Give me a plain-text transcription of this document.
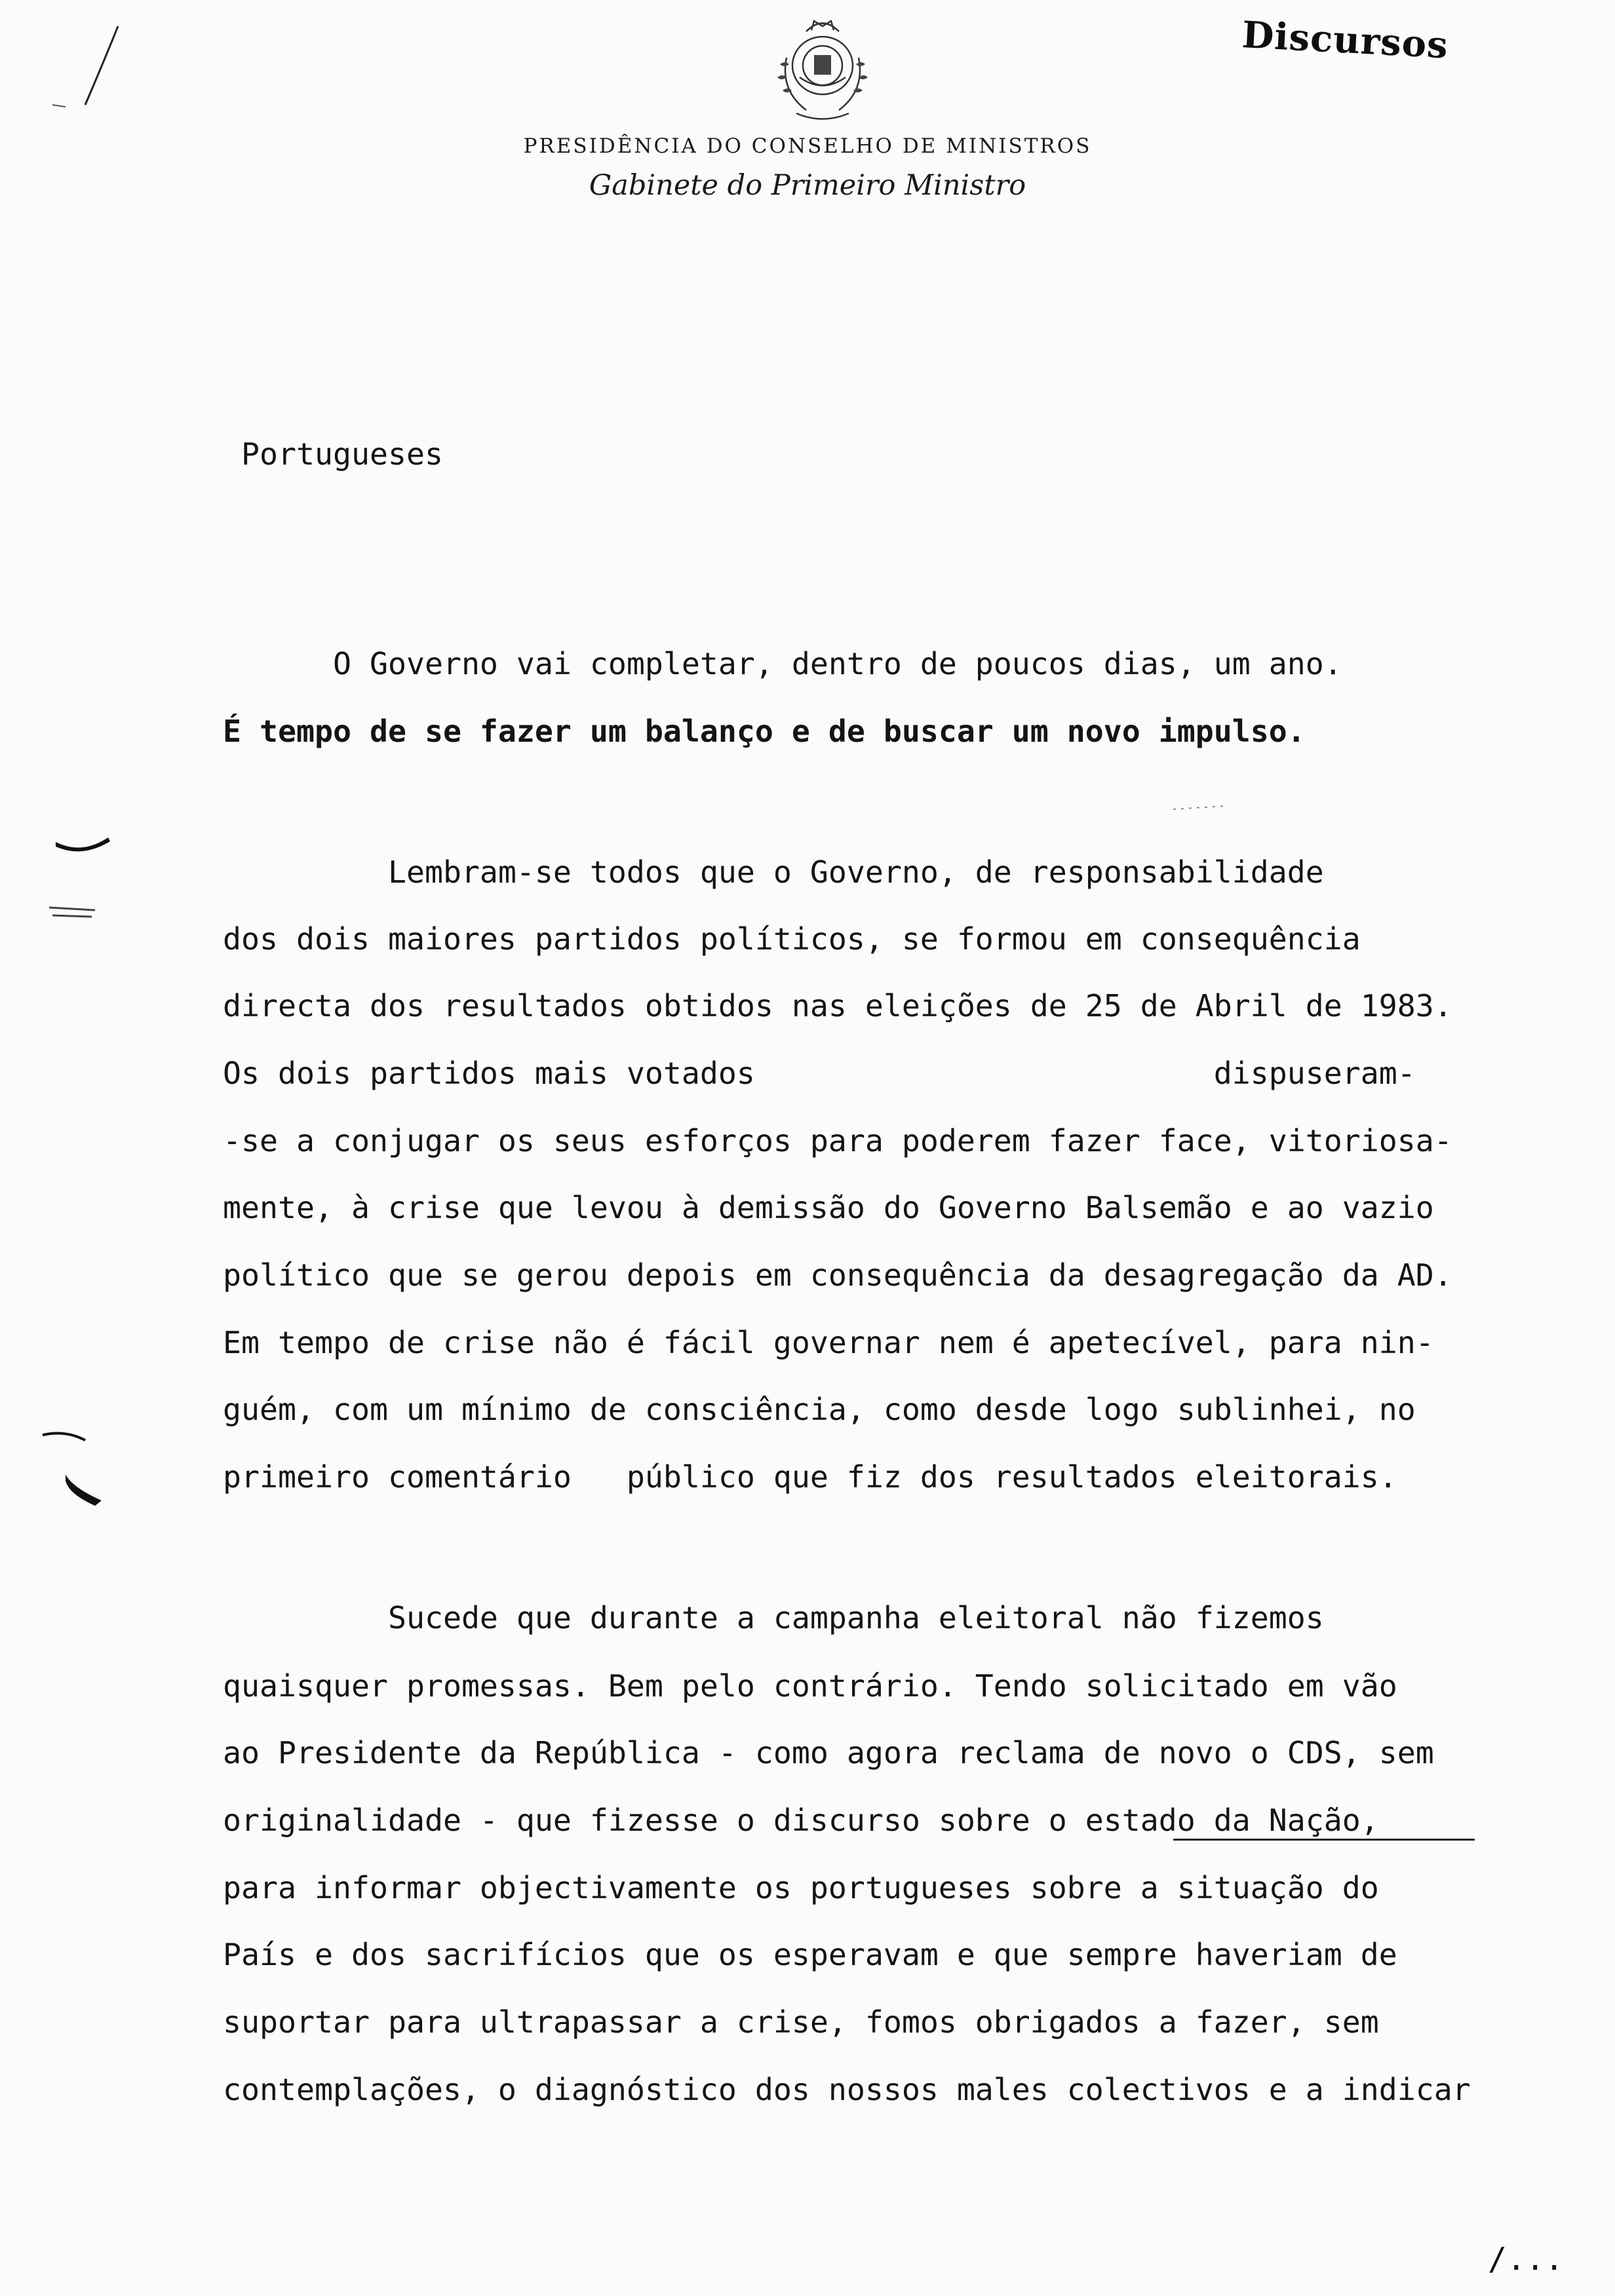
PRESIDÊNCIA DO CONSELHO DE MINISTROS
Gabinete do Primeiro Ministro
Discursos
Portugueses
O Governo vai completar, dentro de poucos dias, um ano.
É tempo de se fazer um balanço e de buscar um novo impulso.
Lembram-se todos que o Governo, de responsabilidade
dos dois maiores partidos políticos, se formou em consequência
directa dos resultados obtidos nas eleições de 25 de Abril de 1983.
Os dois partidos mais votados                         dispuseram-
-se a conjugar os seus esforços para poderem fazer face, vitoriosa-
mente, à crise que levou à demissão do Governo Balsemão e ao vazio
político que se gerou depois em consequência da desagregação da AD.
Em tempo de crise não é fácil governar nem é apetecível, para nin-
guém, com um mínimo de consciência, como desde logo sublinhei, no
primeiro comentário   público que fiz dos resultados eleitorais.
Sucede que durante a campanha eleitoral não fizemos
quaisquer promessas. Bem pelo contrário. Tendo solicitado em vão
ao Presidente da República - como agora reclama de novo o CDS, sem
originalidade - que fizesse o discurso sobre o estado da Nação,
para informar objectivamente os portugueses sobre a situação do
País e dos sacrifícios que os esperavam e que sempre haveriam de
suportar para ultrapassar a crise, fomos obrigados a fazer, sem
contemplações, o diagnóstico dos nossos males colectivos e a indicar
/...
